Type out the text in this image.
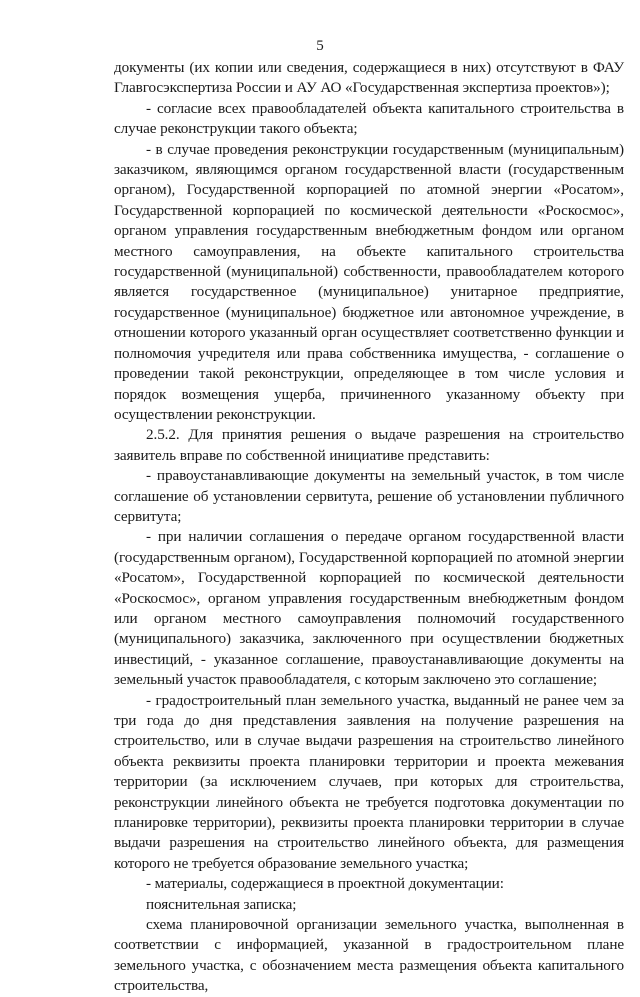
5

документы (их копии или сведения, содержащиеся в них) отсутствуют в ФАУ Главгосэкспертиза России и АУ АО «Государственная экспертиза проектов»);

- согласие всех правообладателей объекта капитального строительства в случае реконструкции такого объекта;

- в случае проведения реконструкции государственным (муниципальным) заказчиком, являющимся органом государственной власти (государственным органом), Государственной корпорацией по атомной энергии «Росатом», Государственной корпорацией по космической деятельности «Роскосмос», органом управления государственным внебюджетным фондом или органом местного самоуправления, на объекте капитального строительства государственной (муниципальной) собственности, правообладателем которого является государственное (муниципальное) унитарное предприятие, государственное (муниципальное) бюджетное или автономное учреждение, в отношении которого указанный орган осуществляет соответственно функции и полномочия учредителя или права собственника имущества, - соглашение о проведении такой реконструкции, определяющее в том числе условия и порядок возмещения ущерба, причиненного указанному объекту при осуществлении реконструкции.

2.5.2. Для принятия решения о выдаче разрешения на строительство заявитель вправе по собственной инициативе представить:

- правоустанавливающие документы на земельный участок, в том числе соглашение об установлении сервитута, решение об установлении публичного сервитута;

- при наличии соглашения о передаче органом государственной власти (государственным органом), Государственной корпорацией по атомной энергии «Росатом», Государственной корпорацией по космической деятельности «Роскосмос», органом управления государственным внебюджетным фондом или органом местного самоуправления полномочий государственного (муниципального) заказчика, заключенного при осуществлении бюджетных инвестиций, - указанное соглашение, правоустанавливающие документы на земельный участок правообладателя, с которым заключено это соглашение;

- градостроительный план земельного участка, выданный не ранее чем за три года до дня представления заявления на получение разрешения на строительство, или в случае выдачи разрешения на строительство линейного объекта реквизиты проекта планировки территории и проекта межевания территории (за исключением случаев, при которых для строительства, реконструкции линейного объекта не требуется подготовка документации по планировке территории), реквизиты проекта планировки территории в случае выдачи разрешения на строительство линейного объекта, для размещения которого не требуется образование земельного участка;

- материалы, содержащиеся в проектной документации:

пояснительная записка;

схема планировочной организации земельного участка, выполненная в соответствии с информацией, указанной в градостроительном плане земельного участка, с обозначением места размещения объекта капитального строительства,
